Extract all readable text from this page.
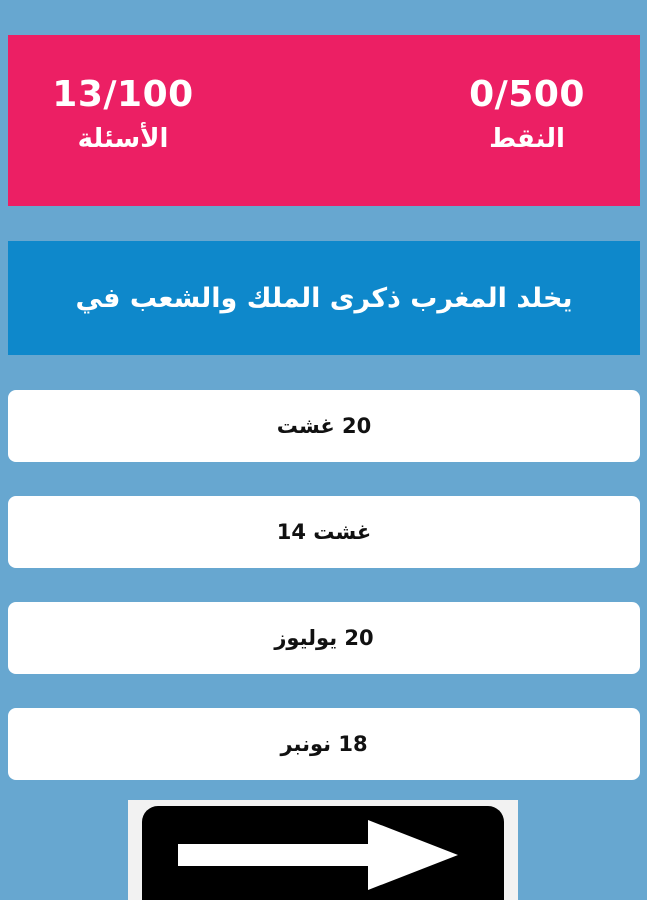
13/100
الأسئلة
0/500
النقط
يخلد المغرب ذكرى الملك والشعب في
20 غشت
غشت 14
20 يوليوز
18 نونبر
